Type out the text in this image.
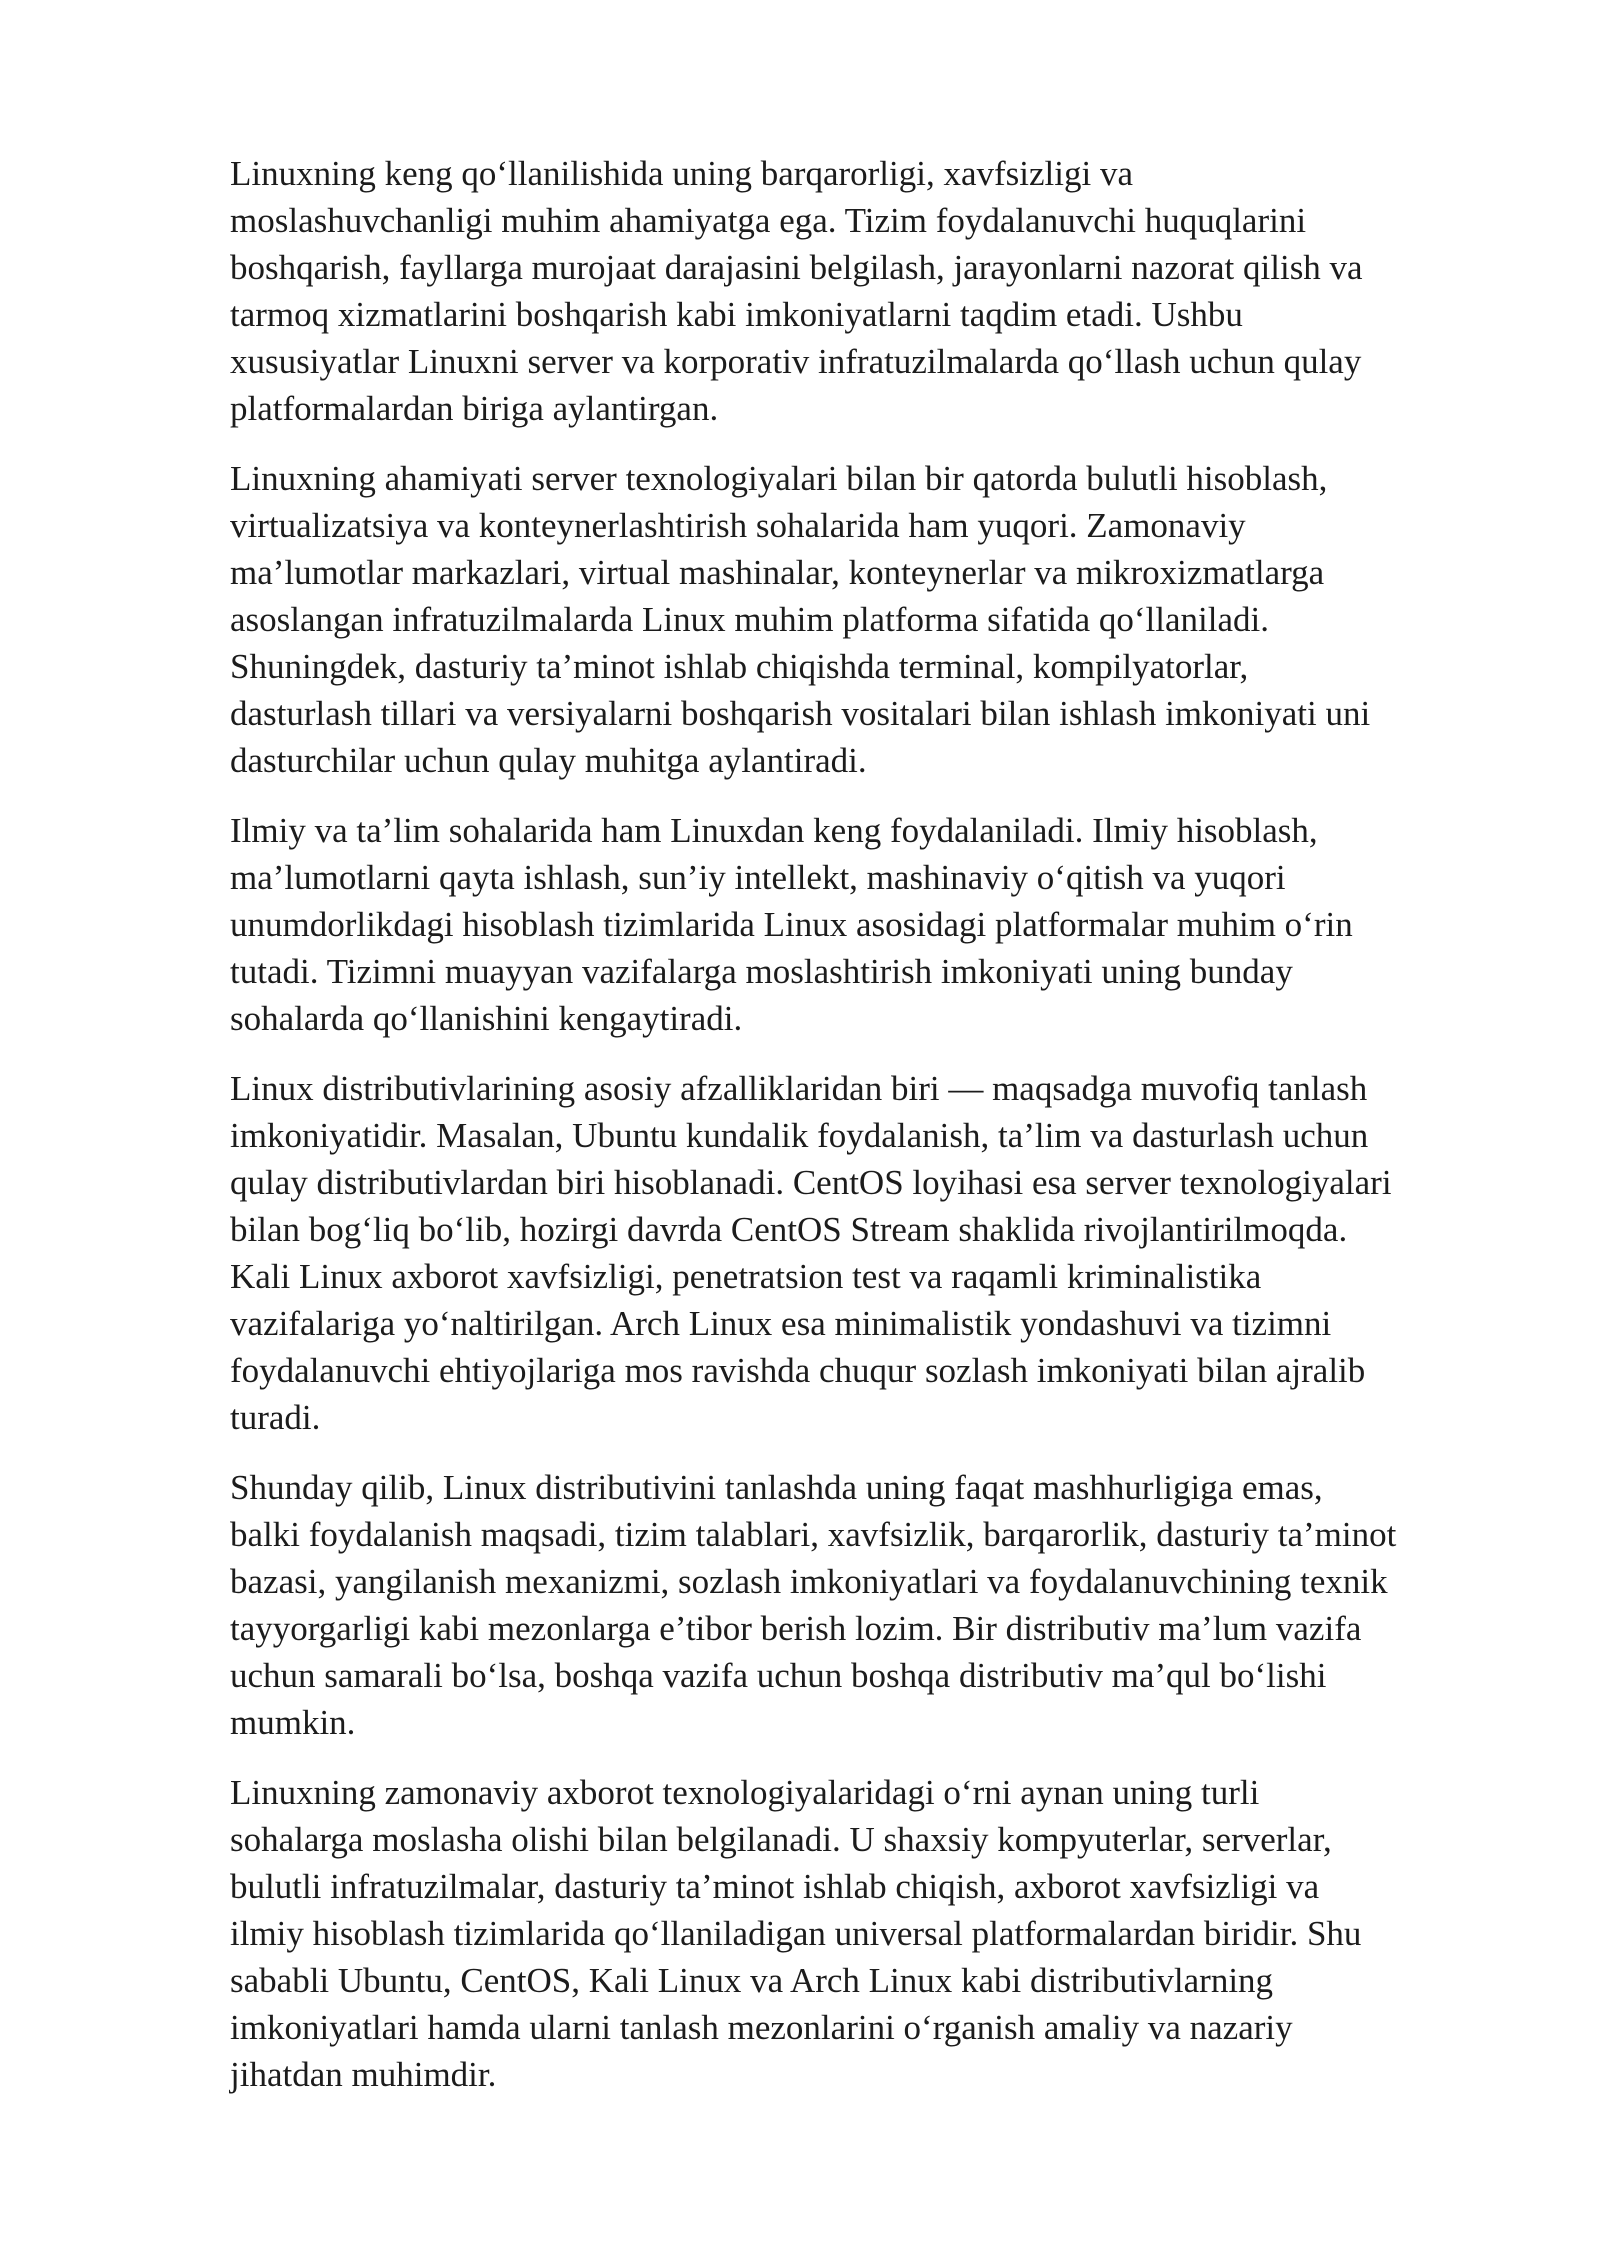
Linuxning keng qo‘llanilishida uning barqarorligi, xavfsizligi va
moslashuvchanligi muhim ahamiyatga ega. Tizim foydalanuvchi huquqlarini
boshqarish, fayllarga murojaat darajasini belgilash, jarayonlarni nazorat qilish va
tarmoq xizmatlarini boshqarish kabi imkoniyatlarni taqdim etadi. Ushbu
xususiyatlar Linuxni server va korporativ infratuzilmalarda qo‘llash uchun qulay
platformalardan biriga aylantirgan.

Linuxning ahamiyati server texnologiyalari bilan bir qatorda bulutli hisoblash,
virtualizatsiya va konteynerlashtirish sohalarida ham yuqori. Zamonaviy
ma’lumotlar markazlari, virtual mashinalar, konteynerlar va mikroxizmatlarga
asoslangan infratuzilmalarda Linux muhim platforma sifatida qo‘llaniladi.
Shuningdek, dasturiy ta’minot ishlab chiqishda terminal, kompilyatorlar,
dasturlash tillari va versiyalarni boshqarish vositalari bilan ishlash imkoniyati uni
dasturchilar uchun qulay muhitga aylantiradi.

Ilmiy va ta’lim sohalarida ham Linuxdan keng foydalaniladi. Ilmiy hisoblash,
ma’lumotlarni qayta ishlash, sun’iy intellekt, mashinaviy o‘qitish va yuqori
unumdorlikdagi hisoblash tizimlarida Linux asosidagi platformalar muhim o‘rin
tutadi. Tizimni muayyan vazifalarga moslashtirish imkoniyati uning bunday
sohalarda qo‘llanishini kengaytiradi.

Linux distributivlarining asosiy afzalliklaridan biri — maqsadga muvofiq tanlash
imkoniyatidir. Masalan, Ubuntu kundalik foydalanish, ta’lim va dasturlash uchun
qulay distributivlardan biri hisoblanadi. CentOS loyihasi esa server texnologiyalari
bilan bog‘liq bo‘lib, hozirgi davrda CentOS Stream shaklida rivojlantirilmoqda.
Kali Linux axborot xavfsizligi, penetratsion test va raqamli kriminalistika
vazifalariga yo‘naltirilgan. Arch Linux esa minimalistik yondashuvi va tizimni
foydalanuvchi ehtiyojlariga mos ravishda chuqur sozlash imkoniyati bilan ajralib
turadi.

Shunday qilib, Linux distributivini tanlashda uning faqat mashhurligiga emas,
balki foydalanish maqsadi, tizim talablari, xavfsizlik, barqarorlik, dasturiy ta’minot
bazasi, yangilanish mexanizmi, sozlash imkoniyatlari va foydalanuvchining texnik
tayyorgarligi kabi mezonlarga e’tibor berish lozim. Bir distributiv ma’lum vazifa
uchun samarali bo‘lsa, boshqa vazifa uchun boshqa distributiv ma’qul bo‘lishi
mumkin.

Linuxning zamonaviy axborot texnologiyalaridagi o‘rni aynan uning turli
sohalarga moslasha olishi bilan belgilanadi. U shaxsiy kompyuterlar, serverlar,
bulutli infratuzilmalar, dasturiy ta’minot ishlab chiqish, axborot xavfsizligi va
ilmiy hisoblash tizimlarida qo‘llaniladigan universal platformalardan biridir. Shu
sababli Ubuntu, CentOS, Kali Linux va Arch Linux kabi distributivlarning
imkoniyatlari hamda ularni tanlash mezonlarini o‘rganish amaliy va nazariy
jihatdan muhimdir.
